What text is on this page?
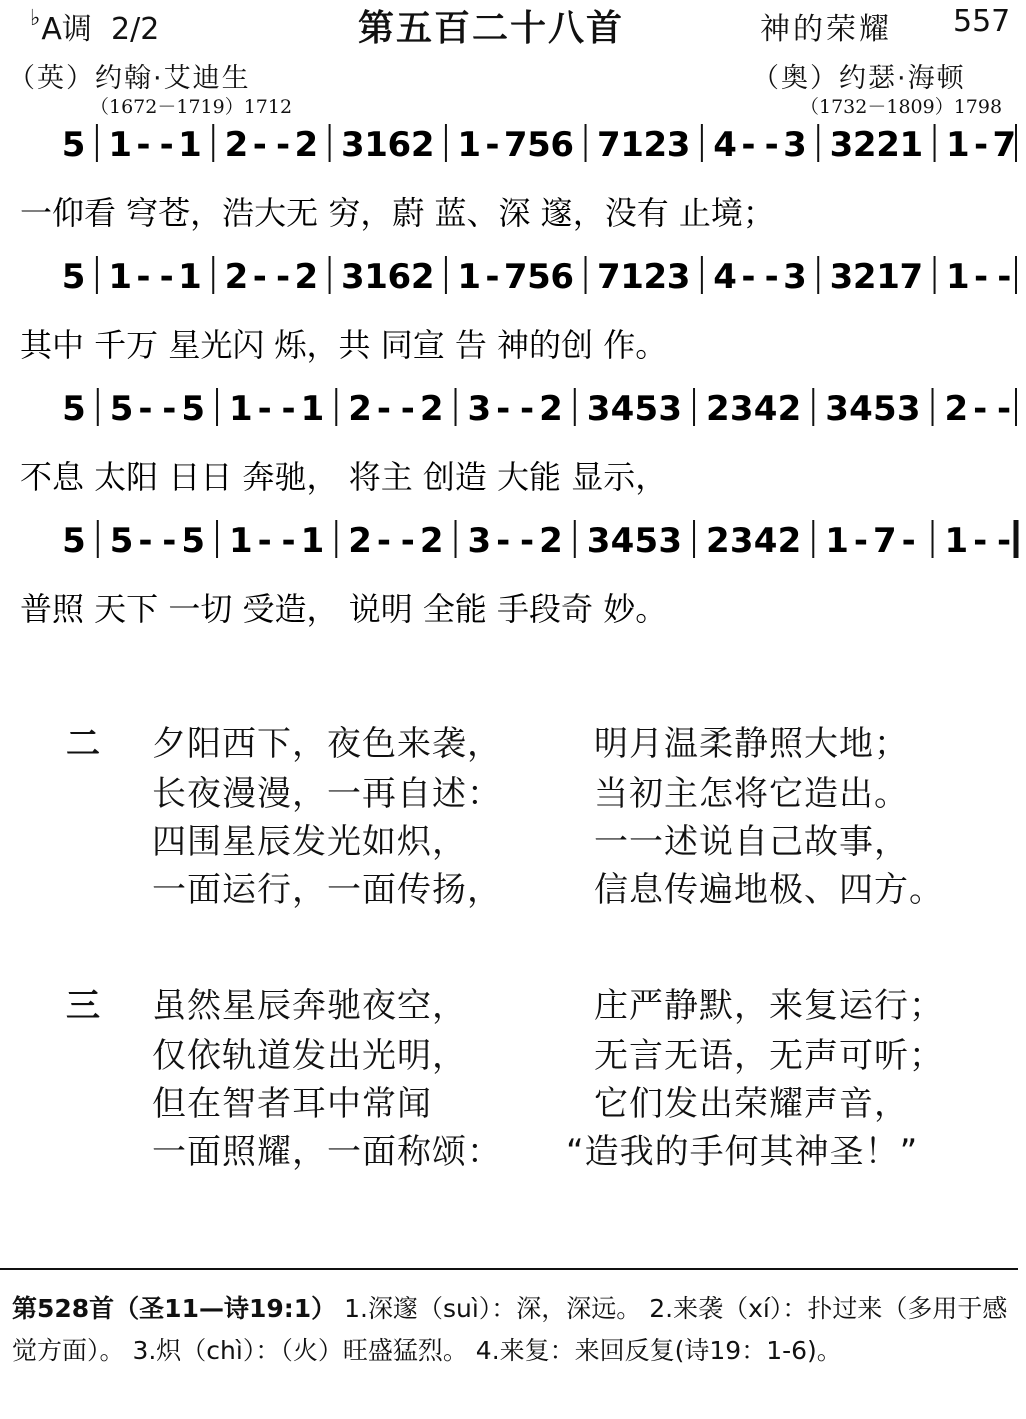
♭A调 2/2	第五百二十八首	神的荣耀 557
（英）约翰·艾迪生
（1672－1719）1712
（奥）约瑟·海顿
（1732－1809）1798
5 1 - - 1 2 - - 2 3 1 6 2 1 - 7 5 6 7 1 2 3 4 - - 3 3 2 2 1 1 - 7
一仰看 穹苍，浩大无 穷，蔚 蓝、深 邃，没有 止境；
5 1 - - 1 2 - - 2 3 1 6 2 1 - 7 5 6 7 1 2 3 4 - - 3 3 2 1 7 1 - -
其中 千万 星光闪 烁，共 同宣 告 神的创 作。
5 5 - - 5 1 - - 1 2 - - 2 3 - - 2 3 4 5 3 2 3 4 2 3 4 5 3 2 - -
不息 太阳 日日 奔驰， 将主 创造 大能 显示，
5 5 - - 5 1 - - 1 2 - - 2 3 - - 2 3 4 5 3 2 3 4 2 1 - 7 - 1 - -
普照 天下 一切 受造， 说明 全能 手段奇 妙。
二 夕阳西下，夜色来袭，	明月温柔静照大地；
长夜漫漫，一再自述：	当初主怎将它造出。
四围星辰发光如炽，	一一述说自己故事，
一面运行，一面传扬，	信息传遍地极、四方。
三 虽然星辰奔驰夜空，	庄严静默，来复运行；
仅依轨道发出光明，	无言无语，无声可听；
但在智者耳中常闻	它们发出荣耀声音，
一面照耀，一面称颂： “造我的手何其神圣！”
第528首（圣11—诗19:1） 1.深邃（suì）：深，深远。 2.来袭（xí）：扑过来（多用于感觉方面）。 3.炽（chì）：（火）旺盛猛烈。 4.来复：来回反复(诗19：1-6)。
